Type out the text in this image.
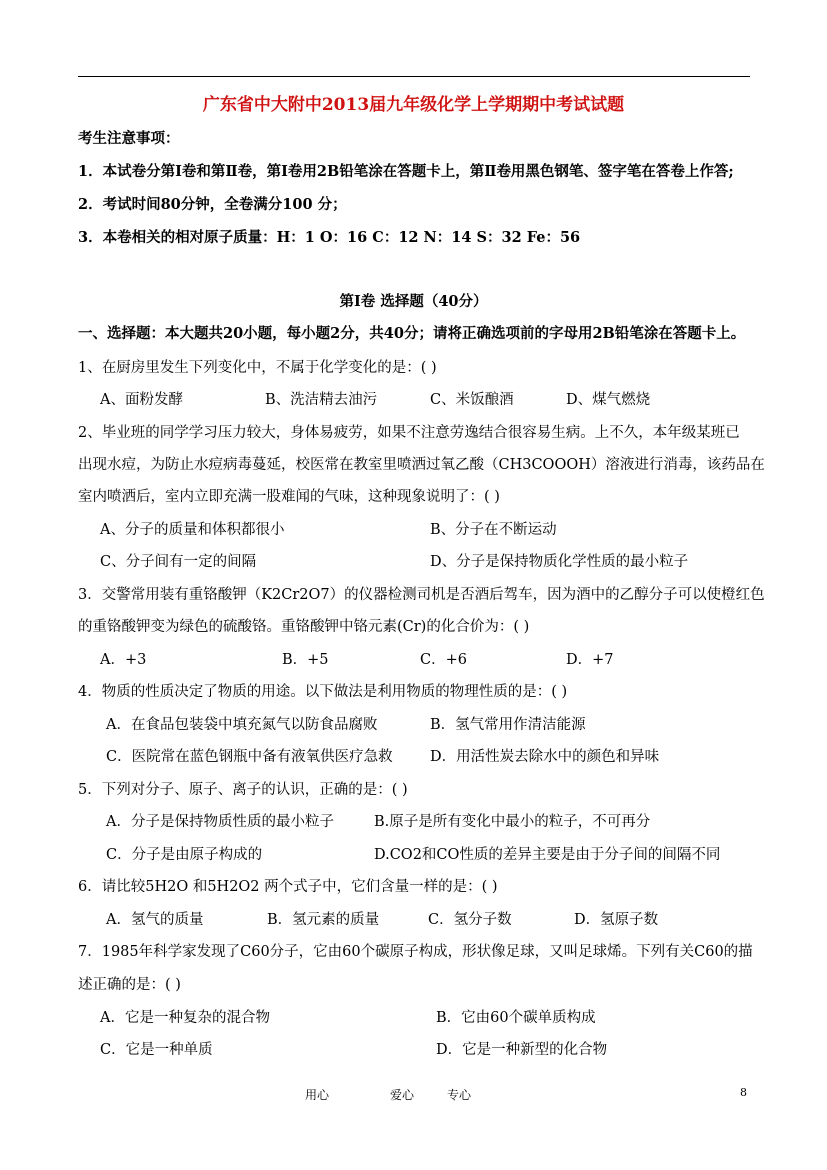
广东省中大附中2013届九年级化学上学期期中考试试题
考生注意事项：
1．本试卷分第Ⅰ卷和第Ⅱ卷，第Ⅰ卷用2B铅笔涂在答题卡上，第Ⅱ卷用黑色钢笔、签字笔在答卷上作答;
2．考试时间80分钟，全卷满分100 分；
3．本卷相关的相对原子质量：H：1 O：16 C：12 N：14 S：32 Fe：56
第Ⅰ卷 选择题（40分）
一、选择题：本大题共20小题，每小题2分，共40分；请将正确选项前的字母用2B铅笔涂在答题卡上。
1、在厨房里发生下列变化中，不属于化学变化的是：( )
A、面粉发酵	B、洗洁精去油污	C、米饭酿酒	D、煤气燃烧
2、毕业班的同学学习压力较大，身体易疲劳，如果不注意劳逸结合很容易生病。上不久，本年级某班已
出现水痘，为防止水痘病毒蔓延，校医常在教室里喷洒过氧乙酸（CH3COOOH）溶液进行消毒，该药品在
室内喷洒后，室内立即充满一股难闻的气味，这种现象说明了：( )
A、分子的质量和体积都很小	B、分子在不断运动
C、分子间有一定的间隔	D、分子是保持物质化学性质的最小粒子
3．交警常用装有重铬酸钾（K2Cr2O7）的仪器检测司机是否酒后驾车，因为酒中的乙醇分子可以使橙红色
的重铬酸钾变为绿色的硫酸铬。重铬酸钾中铬元素(Cr)的化合价为：( )
A．+3	B．+5	C．+6	D．+7
4．物质的性质决定了物质的用途。以下做法是利用物质的物理性质的是：( )
A．在食品包装袋中填充氮气以防食品腐败	B．氢气常用作清洁能源
C．医院常在蓝色钢瓶中备有液氧供医疗急救	D．用活性炭去除水中的颜色和异味
5．下列对分子、原子、离子的认识，正确的是：( )
A．分子是保持物质性质的最小粒子	B.原子是所有变化中最小的粒子，不可再分
C．分子是由原子构成的	D.CO2和CO性质的差异主要是由于分子间的间隔不同
6．请比较5H2O 和5H2O2 两个式子中，它们含量一样的是：( )
A．氢气的质量	B．氢元素的质量	C．氢分子数	D．氢原子数
7．1985年科学家发现了C60分子，它由60个碳原子构成，形状像足球，又叫足球烯。下列有关C60的描
述正确的是：( )
A．它是一种复杂的混合物	B．它由60个碳单质构成
C．它是一种单质	D．它是一种新型的化合物
用心	爱心	专心	8
